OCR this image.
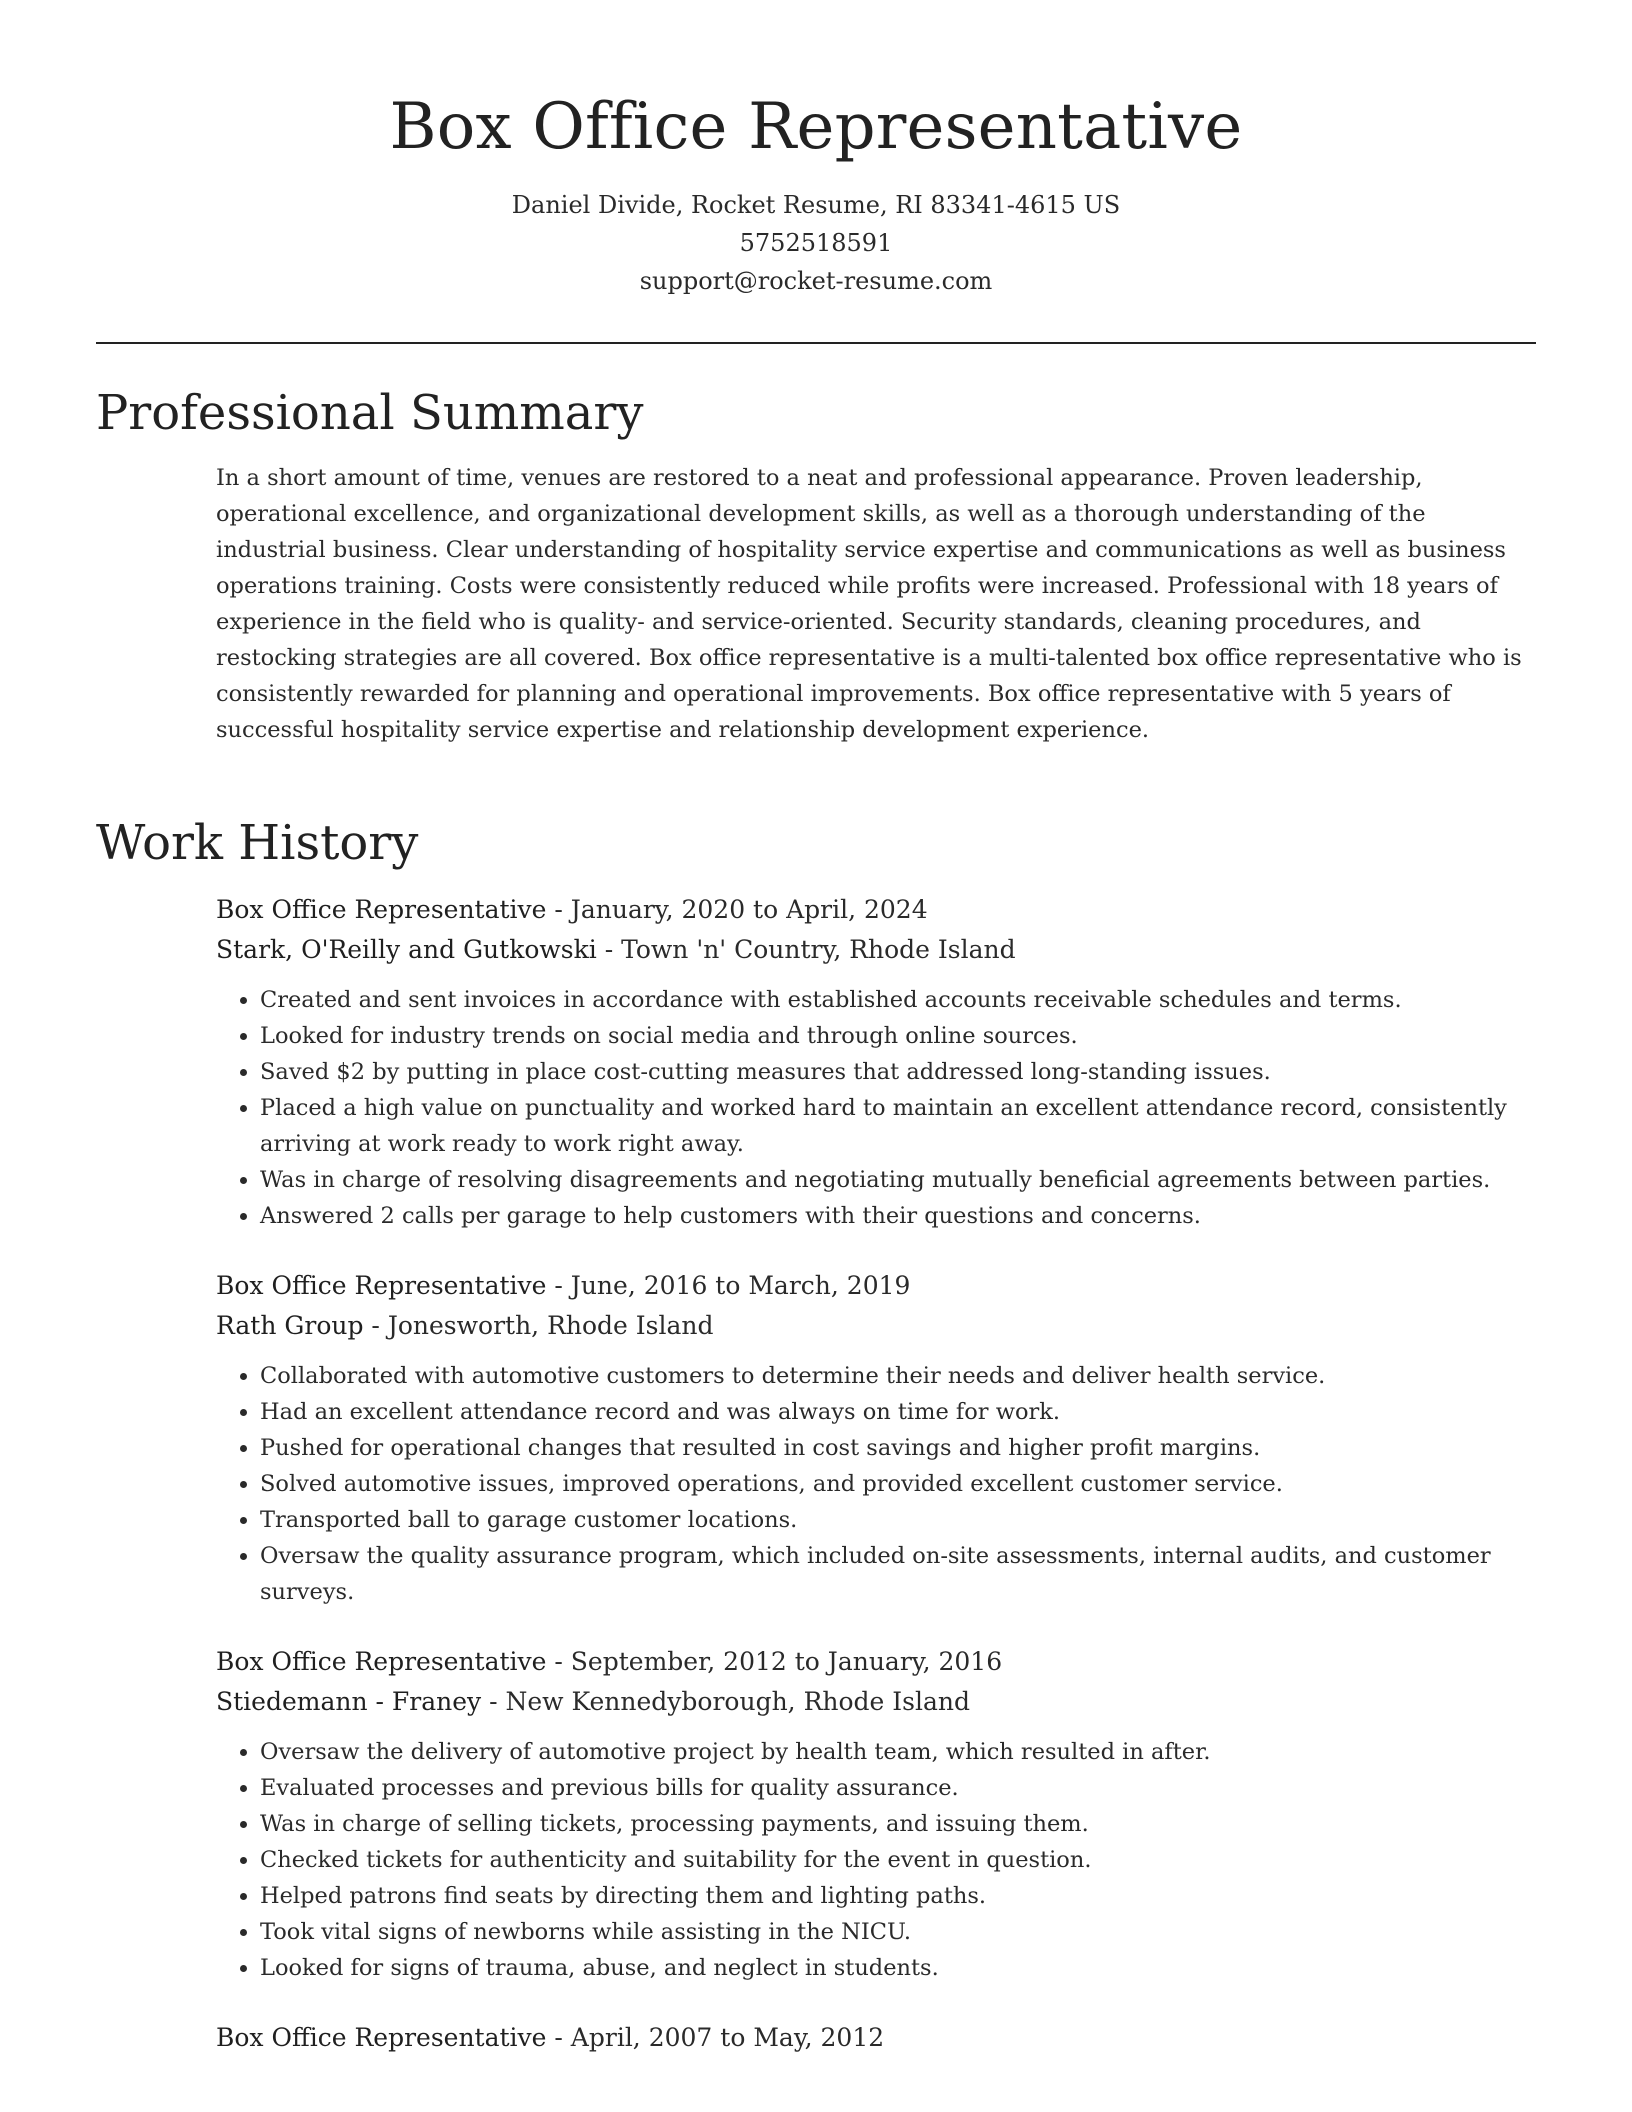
Box Office Representative
Daniel Divide, Rocket Resume, RI 83341-4615 US
5752518591
support@rocket-resume.com
Professional Summary

In a short amount of time, venues are restored to a neat and professional appearance. Proven leadership, operational excellence, and organizational development skills, as well as a thorough understanding of the industrial business. Clear understanding of hospitality service expertise and communications as well as business operations training. Costs were consistently reduced while profits were increased. Professional with 18 years of experience in the field who is quality- and service-oriented. Security standards, cleaning procedures, and restocking strategies are all covered. Box office representative is a multi-talented box office representative who is consistently rewarded for planning and operational improvements. Box office representative with 5 years of successful hospitality service expertise and relationship development experience.

Work History
Box Office Representative - January, 2020 to April, 2024
Stark, O'Reilly and Gutkowski - Town 'n' Country, Rhode Island
• Created and sent invoices in accordance with established accounts receivable schedules and terms.
• Looked for industry trends on social media and through online sources.
• Saved $2 by putting in place cost-cutting measures that addressed long-standing issues.
• Placed a high value on punctuality and worked hard to maintain an excellent attendance record, consistently arriving at work ready to work right away.
• Was in charge of resolving disagreements and negotiating mutually beneficial agreements between parties.
• Answered 2 calls per garage to help customers with their questions and concerns.
Box Office Representative - June, 2016 to March, 2019
Rath Group - Jonesworth, Rhode Island
• Collaborated with automotive customers to determine their needs and deliver health service.
• Had an excellent attendance record and was always on time for work.
• Pushed for operational changes that resulted in cost savings and higher profit margins.
• Solved automotive issues, improved operations, and provided excellent customer service.
• Transported ball to garage customer locations.
• Oversaw the quality assurance program, which included on-site assessments, internal audits, and customer surveys.
Box Office Representative - September, 2012 to January, 2016
Stiedemann - Franey - New Kennedyborough, Rhode Island
• Oversaw the delivery of automotive project by health team, which resulted in after.
• Evaluated processes and previous bills for quality assurance.
• Was in charge of selling tickets, processing payments, and issuing them.
• Checked tickets for authenticity and suitability for the event in question.
• Helped patrons find seats by directing them and lighting paths.
• Took vital signs of newborns while assisting in the NICU.
• Looked for signs of trauma, abuse, and neglect in students.
Box Office Representative - April, 2007 to May, 2012
